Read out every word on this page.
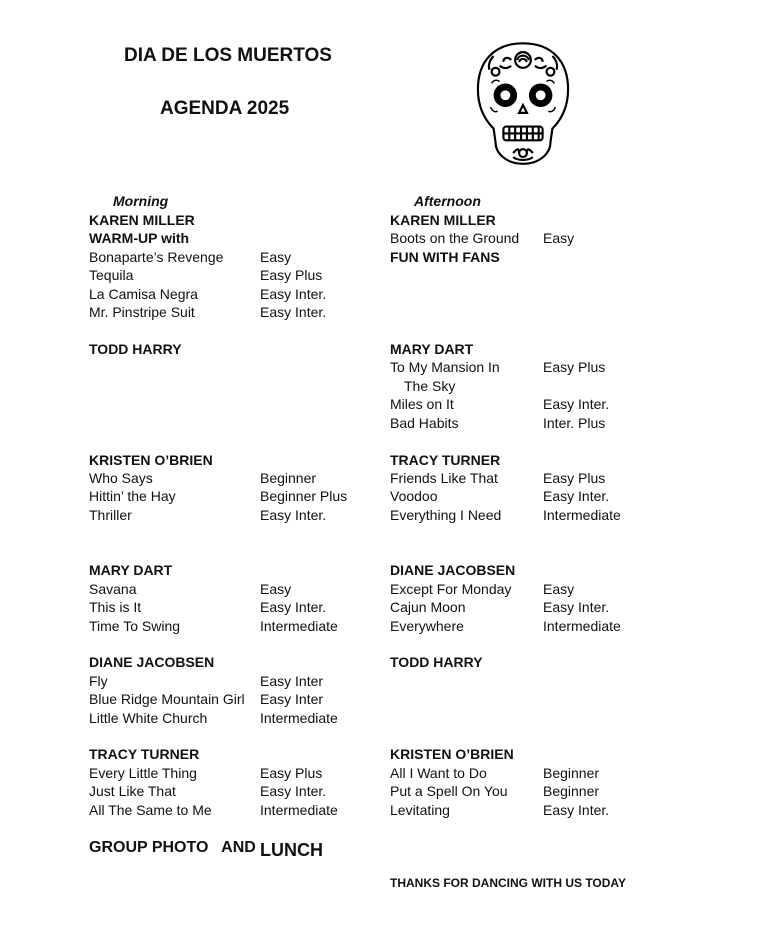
DIA DE LOS MUERTOS
AGENDA 2025
Morning	Afternoon
KAREN MILLER
WARM-UP with
Bonaparte’s Revenge	Easy
Tequila	Easy Plus
La Camisa Negra	Easy Inter.
Mr. Pinstripe Suit	Easy Inter.
TODD HARRY
KRISTEN O’BRIEN
Who Says	Beginner
Hittin’ the Hay	Beginner Plus
Thriller	Easy Inter.
MARY DART
Savana	Easy
This is It	Easy Inter.
Time To Swing	Intermediate
DIANE JACOBSEN
Fly	Easy Inter
Blue Ridge Mountain Girl Easy Inter
Little White Church	Intermediate
TRACY TURNER
Every Little Thing	Easy Plus
Just Like That	Easy Inter.
All The Same to Me	Intermediate
KAREN MILLER
Boots on the Ground Easy
FUN WITH FANS
MARY DART
To My Mansion In	Easy Plus
The Sky
Miles on It	Easy Inter.
Bad Habits	Inter. Plus
TRACY TURNER
Friends Like That	Easy Plus
Voodoo	Easy Inter.
Everything I Need	Intermediate
DIANE JACOBSEN
Except For Monday Easy
Cajun Moon	Easy Inter.
Everywhere	Intermediate
TODD HARRY
KRISTEN O’BRIEN
All I Want to Do	Beginner
Put a Spell On You	Beginner
Levitating	Easy Inter.
GROUP PHOTO   AND LUNCH
THANKS FOR DANCING WITH US TODAY
